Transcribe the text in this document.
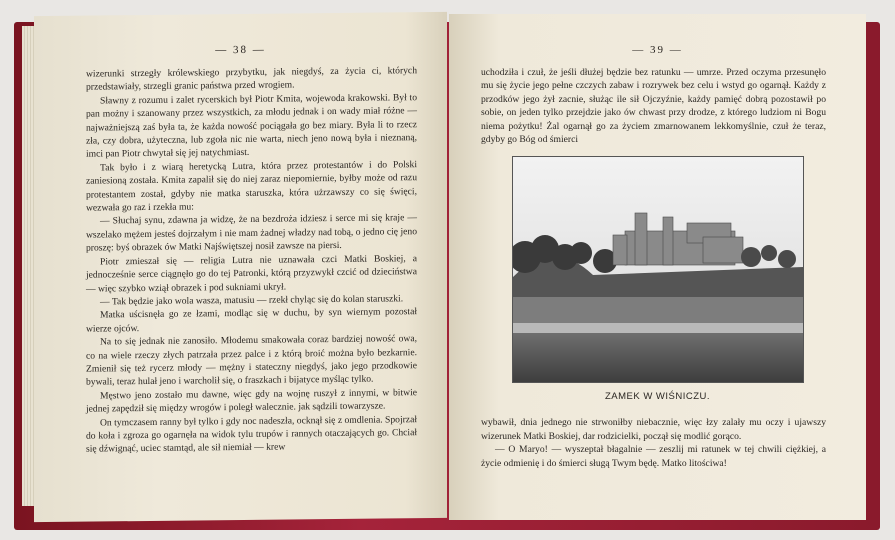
— 38 —

wizerunki strzegły królewskiego przybytku, jak niegdyś, za życia ci, których przedstawiały, strzegli granic państwa przed wrogiem.

Sławny z rozumu i zalet rycerskich był Piotr Kmita, wojewoda krakowski. Był to pan możny i szanowany przez wszystkich, za młodu jednak i on wady miał różne — najważniejszą zaś była ta, że każda nowość pociągała go bez miary. Była li to rzecz zła, czy dobra, użyteczna, lub zgoła nic nie warta, niech jeno nową była i nieznaną, imci pan Piotr chwytał się jej natychmiast.

Tak było i z wiarą heretycką Lutra, która przez protestantów i do Polski zaniesioną została. Kmita zapalił się do niej zaraz niepomiernie, byłby może od razu protestantem został, gdyby nie matka staruszka, która użrzawszy co się święci, wezwała go raz i rzekła mu:

— Słuchaj synu, zdawna ja widzę, że na bezdroża idziesz i serce mi się kraje — wszelako mężem jesteś dojrzałym i nie mam żadnej władzy nad tobą, o jedno cię jeno proszę: byś obrazek ów Matki Najświętszej nosił zawsze na piersi.

Piotr zmieszał się — religia Lutra nie uznawała czci Matki Boskiej, a jednocześnie serce ciągnęło go do tej Patronki, którą przyzwykł czcić od dzieciństwa — więc szybko wziął obrazek i pod sukniami ukrył.

— Tak będzie jako wola wasza, matusiu — rzekł chyląc się do kolan staruszki.

Matka uścisnęła go ze łzami, modląc się w duchu, by syn wiernym pozostał wierze ojców.

Na to się jednak nie zanosiło. Młodemu smakowała coraz bardziej nowość owa, co na wiele rzeczy złych patrzała przez palce i z którą broić można było bezkarnie. Zmienił się też rycerz młody — mężny i stateczny niegdyś, jako jego przodkowie bywali, teraz hulał jeno i warcholił się, o fraszkach i bijatyce myśląc tylko.

Męstwo jeno zostało mu dawne, więc gdy na wojnę ruszył z innymi, w bitwie jednej zapędził się między wrogów i poległ walecznie. jak sądzili towarzysze.

On tymczasem ranny był tylko i gdy noc nadeszła, ocknął się z omdlenia. Spojrzał do koła i zgroza go ogarnęła na widok tylu trupów i rannych otaczających go. Chciał się dźwignąć, uciec stamtąd, ale sił niemiał — krew

— 39 —

uchodziła i czuł, że jeśli dłużej będzie bez ratunku — umrze. Przed oczyma przesunęło mu się życie jego pełne czczych zabaw i rozrywek bez celu i wstyd go ogarnął. Każdy z przodków jego żył zacnie, służąc ile sił Ojczyźnie, każdy pamięć dobrą pozostawił po sobie, on jeden tylko przejdzie jako ów chwast przy drodze, z którego ludziom ni Bogu niema pożytku! Żal ogarnął go za życiem zmarnowanem lekkomyślnie, czuł że teraz, gdyby go Bóg od śmierci

ZAMEK W WIŚNICZU.

wybawił, dnia jednego nie strwoniłby niebacznie, więc łzy zalały mu oczy i ujawszy wizerunek Matki Boskiej, dar rodzicielki, począł się modlić gorąco.

— O Maryo! — wyszeptał błagalnie — zeszlij mi ratunek w tej chwili ciężkiej, a życie odmienię i do śmierci sługą Twym będę. Matko litościwa!
